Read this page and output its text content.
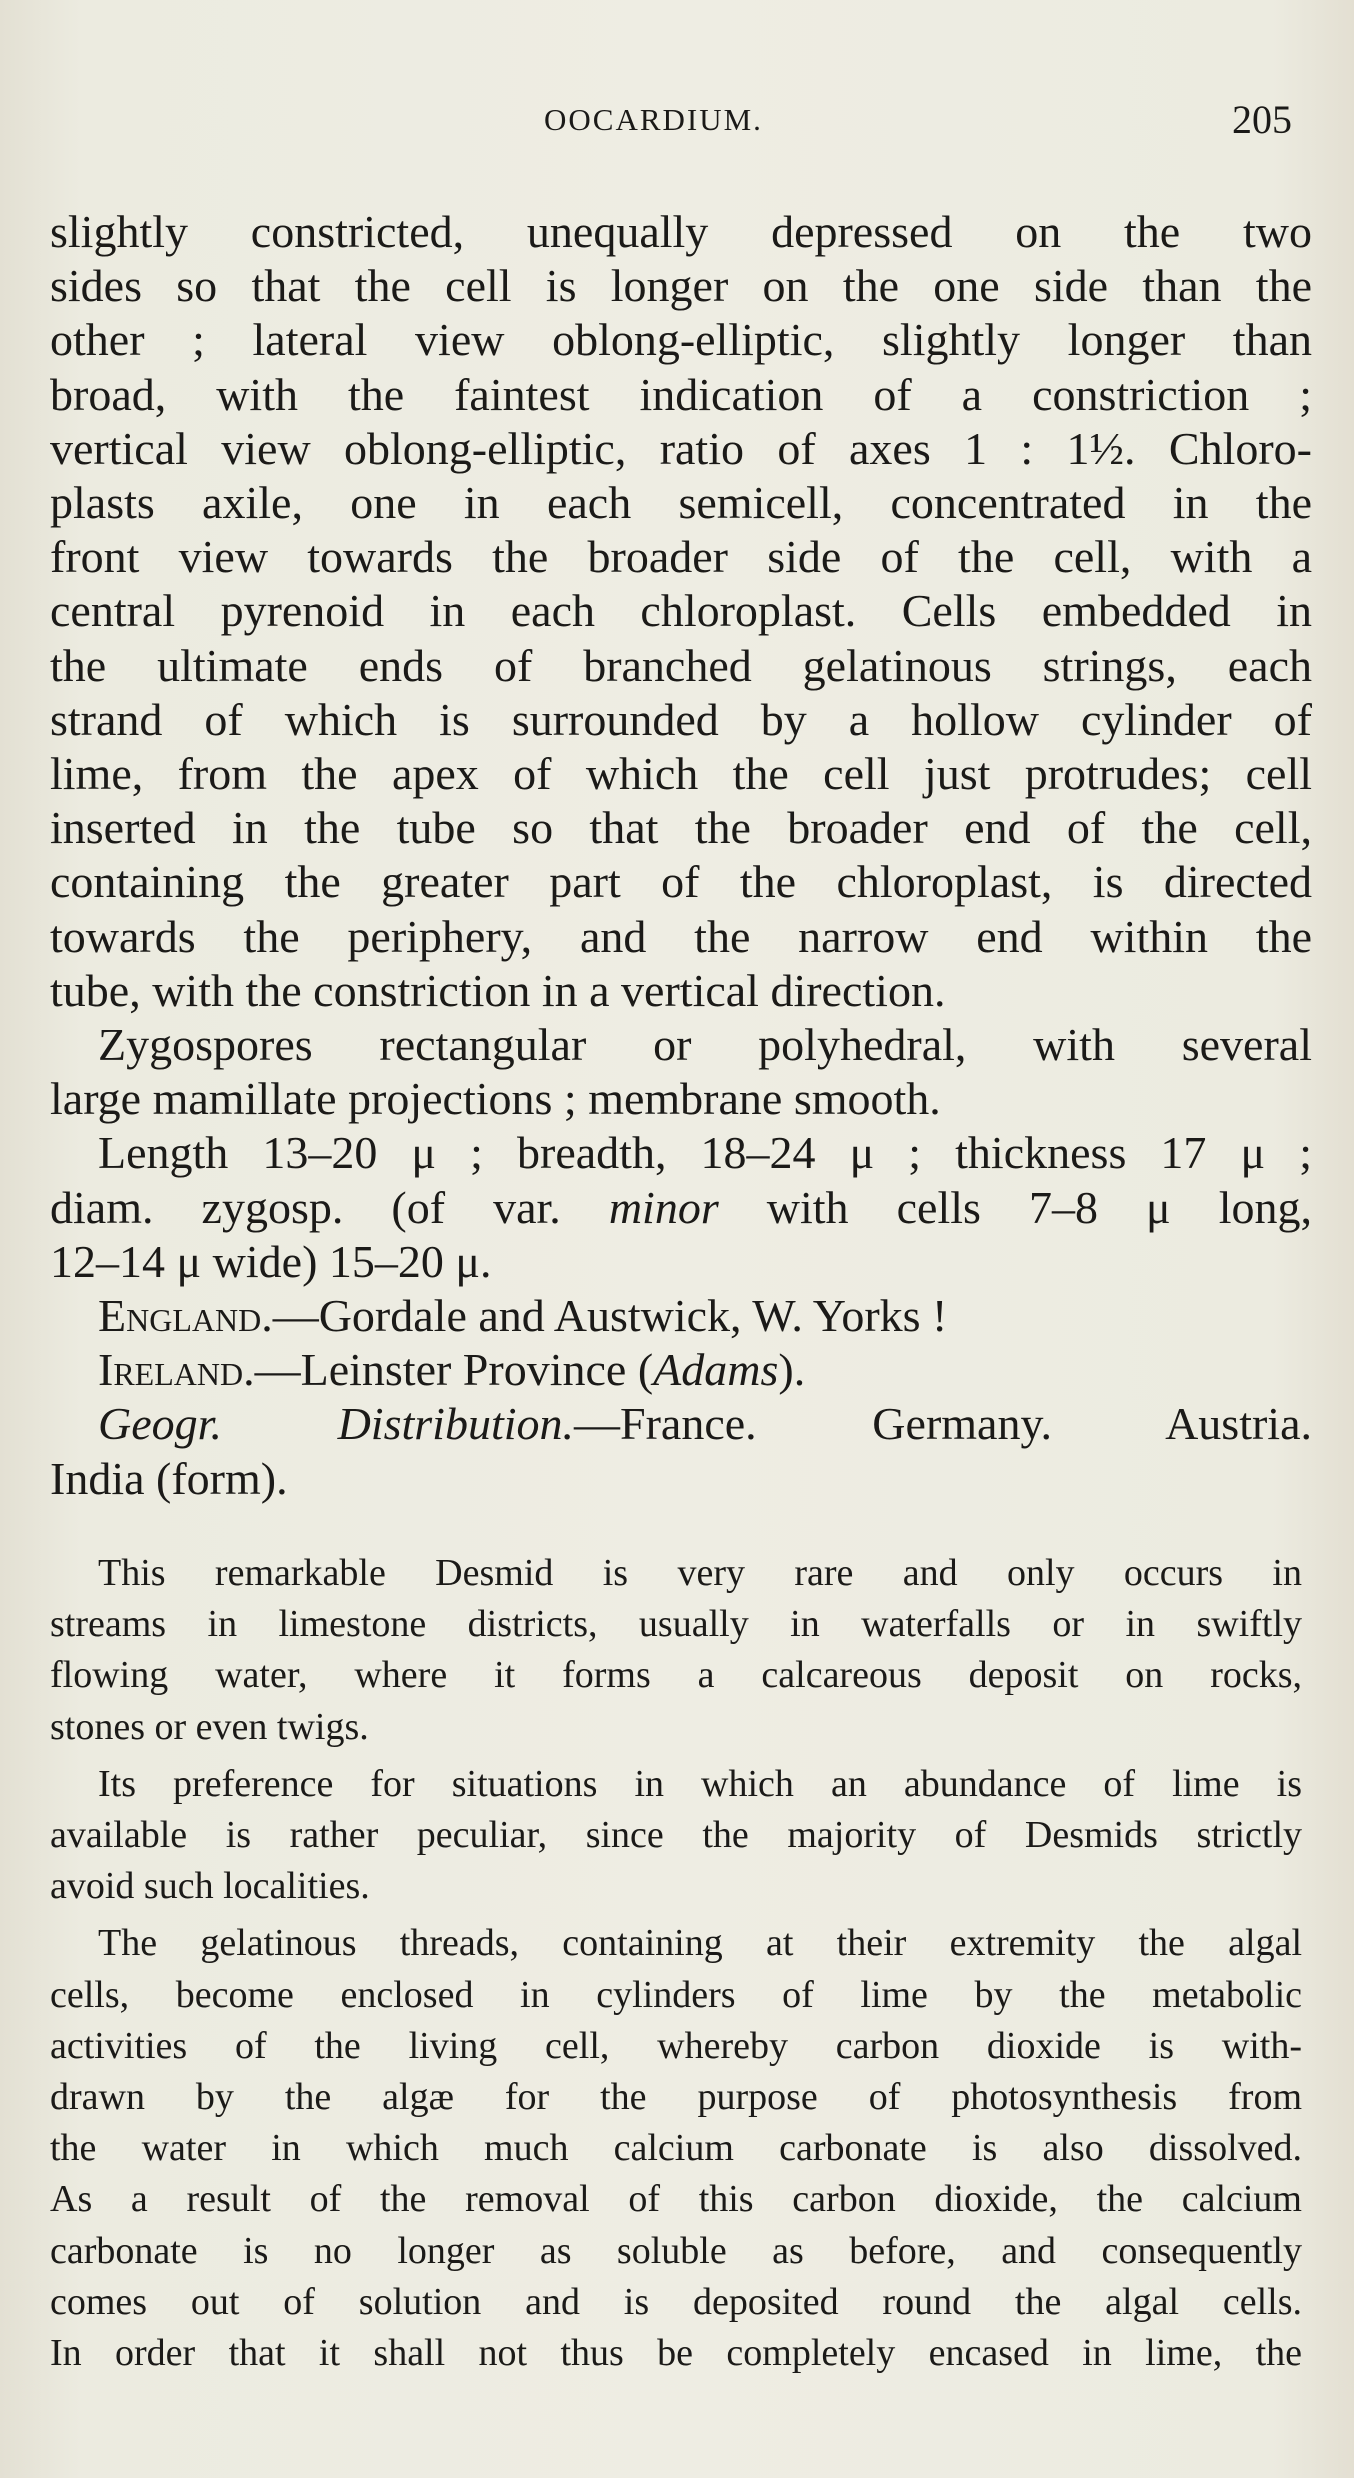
OOCARDIUM.	205
slightly constricted, unequally depressed on the two
sides so that the cell is longer on the one side than the
other ; lateral view oblong-elliptic, slightly longer than
broad, with the faintest indication of a constriction ;
vertical view oblong-elliptic, ratio of axes 1 : 1½. Chloro-
plasts axile, one in each semicell, concentrated in the
front view towards the broader side of the cell, with a
central pyrenoid in each chloroplast. Cells embedded in
the ultimate ends of branched gelatinous strings, each
strand of which is surrounded by a hollow cylinder of
lime, from the apex of which the cell just protrudes; cell
inserted in the tube so that the broader end of the cell,
containing the greater part of the chloroplast, is directed
towards the periphery, and the narrow end within the
tube, with the constriction in a vertical direction.
Zygospores rectangular or polyhedral, with several
large mamillate projections ; membrane smooth.
Length 13–20 μ ; breadth, 18–24 μ ; thickness 17 μ ;
diam. zygosp. (of var. minor with cells 7–8 μ long,
12–14 μ wide) 15–20 μ.
England.—Gordale and Austwick, W. Yorks !
Ireland.—Leinster Province (Adams).
Geogr. Distribution.—France. Germany. Austria.
India (form).
This remarkable Desmid is very rare and only occurs in
streams in limestone districts, usually in waterfalls or in swiftly
flowing water, where it forms a calcareous deposit on rocks,
stones or even twigs.
Its preference for situations in which an abundance of lime is
available is rather peculiar, since the majority of Desmids strictly
avoid such localities.
The gelatinous threads, containing at their extremity the algal
cells, become enclosed in cylinders of lime by the metabolic
activities of the living cell, whereby carbon dioxide is with-
drawn by the algæ for the purpose of photosynthesis from
the water in which much calcium carbonate is also dissolved.
As a result of the removal of this carbon dioxide, the calcium
carbonate is no longer as soluble as before, and consequently
comes out of solution and is deposited round the algal cells.
In order that it shall not thus be completely encased in lime, the
